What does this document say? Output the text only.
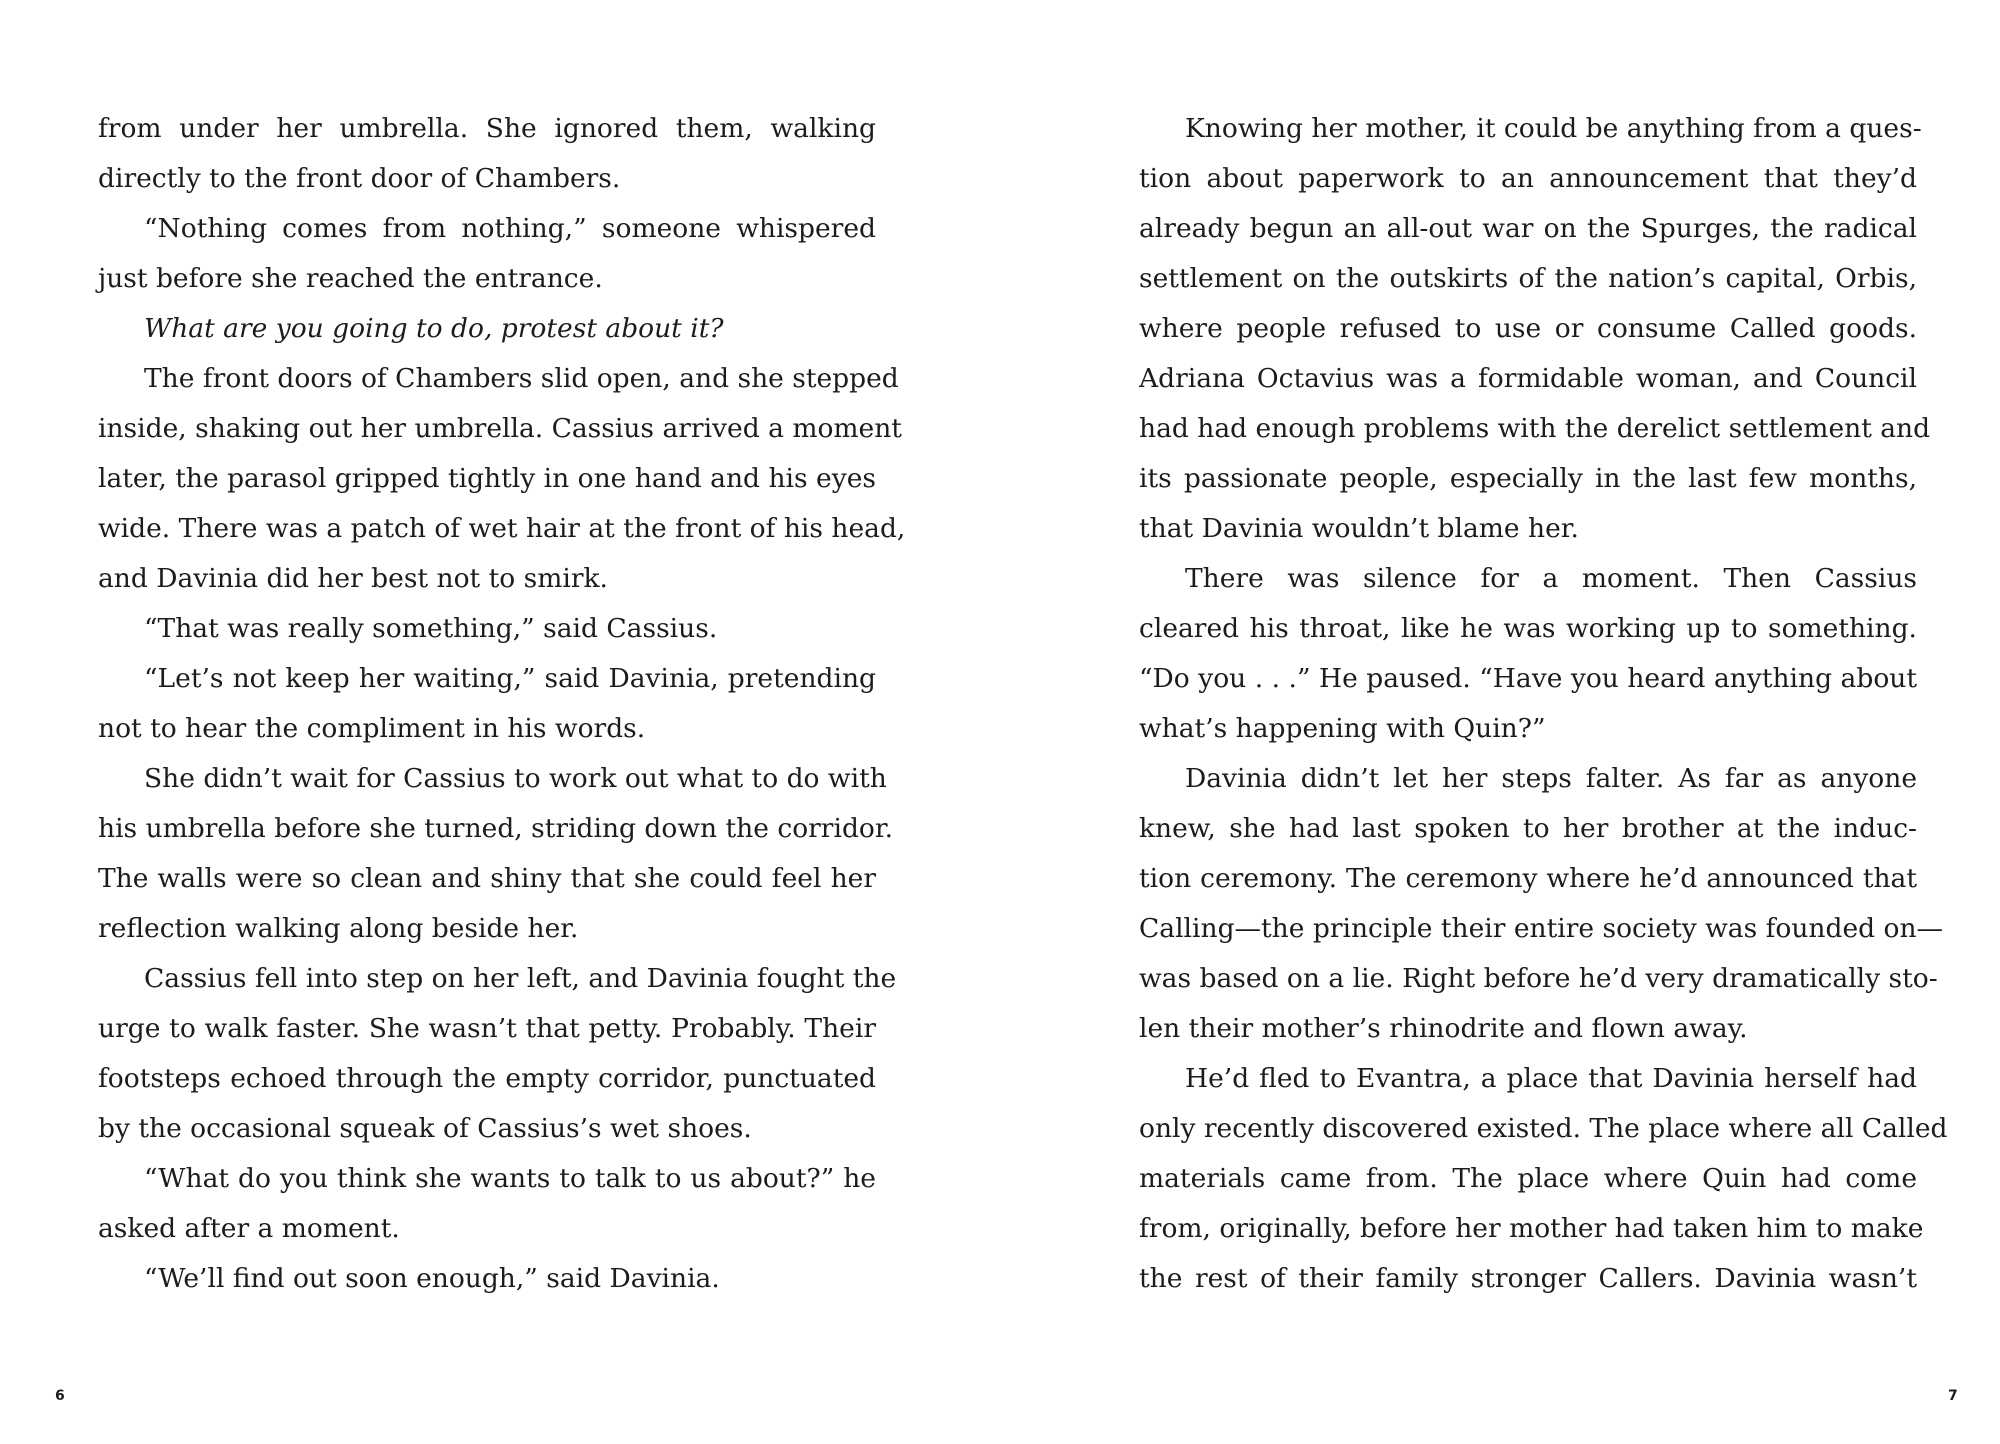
from under her umbrella. She ignored them, walking
directly to the front door of Chambers.
“Nothing comes from nothing,” someone whispered
just before she reached the entrance.
What are you going to do, protest about it?
The front doors of Chambers slid open, and she stepped
inside, shaking out her umbrella. Cassius arrived a moment
later, the parasol gripped tightly in one hand and his eyes
wide. There was a patch of wet hair at the front of his head,
and Davinia did her best not to smirk.
“That was really something,” said Cassius.
“Let’s not keep her waiting,” said Davinia, pretending
not to hear the compliment in his words.
She didn’t wait for Cassius to work out what to do with
his umbrella before she turned, striding down the corridor.
The walls were so clean and shiny that she could feel her
reflection walking along beside her.
Cassius fell into step on her left, and Davinia fought the
urge to walk faster. She wasn’t that petty. Probably. Their
footsteps echoed through the empty corridor, punctuated
by the occasional squeak of Cassius’s wet shoes.
“What do you think she wants to talk to us about?” he
asked after a moment.
“We’ll find out soon enough,” said Davinia.
Knowing her mother, it could be anything from a ques-
tion about paperwork to an announcement that they’d
already begun an all-out war on the Spurges, the radical
settlement on the outskirts of the nation’s capital, Orbis,
where people refused to use or consume Called goods.
Adriana Octavius was a formidable woman, and Council
had had enough problems with the derelict settlement and
its passionate people, especially in the last few months,
that Davinia wouldn’t blame her.
There was silence for a moment. Then Cassius
cleared his throat, like he was working up to something.
“Do you . . .” He paused. “Have you heard anything about
what’s happening with Quin?”
Davinia didn’t let her steps falter. As far as anyone
knew, she had last spoken to her brother at the induc-
tion ceremony. The ceremony where he’d announced that
Calling—the principle their entire society was founded on—
was based on a lie. Right before he’d very dramatically sto-
len their mother’s rhinodrite and flown away.
He’d fled to Evantra, a place that Davinia herself had
only recently discovered existed. The place where all Called
materials came from. The place where Quin had come
from, originally, before her mother had taken him to make
the rest of their family stronger Callers. Davinia wasn’t
6	7
